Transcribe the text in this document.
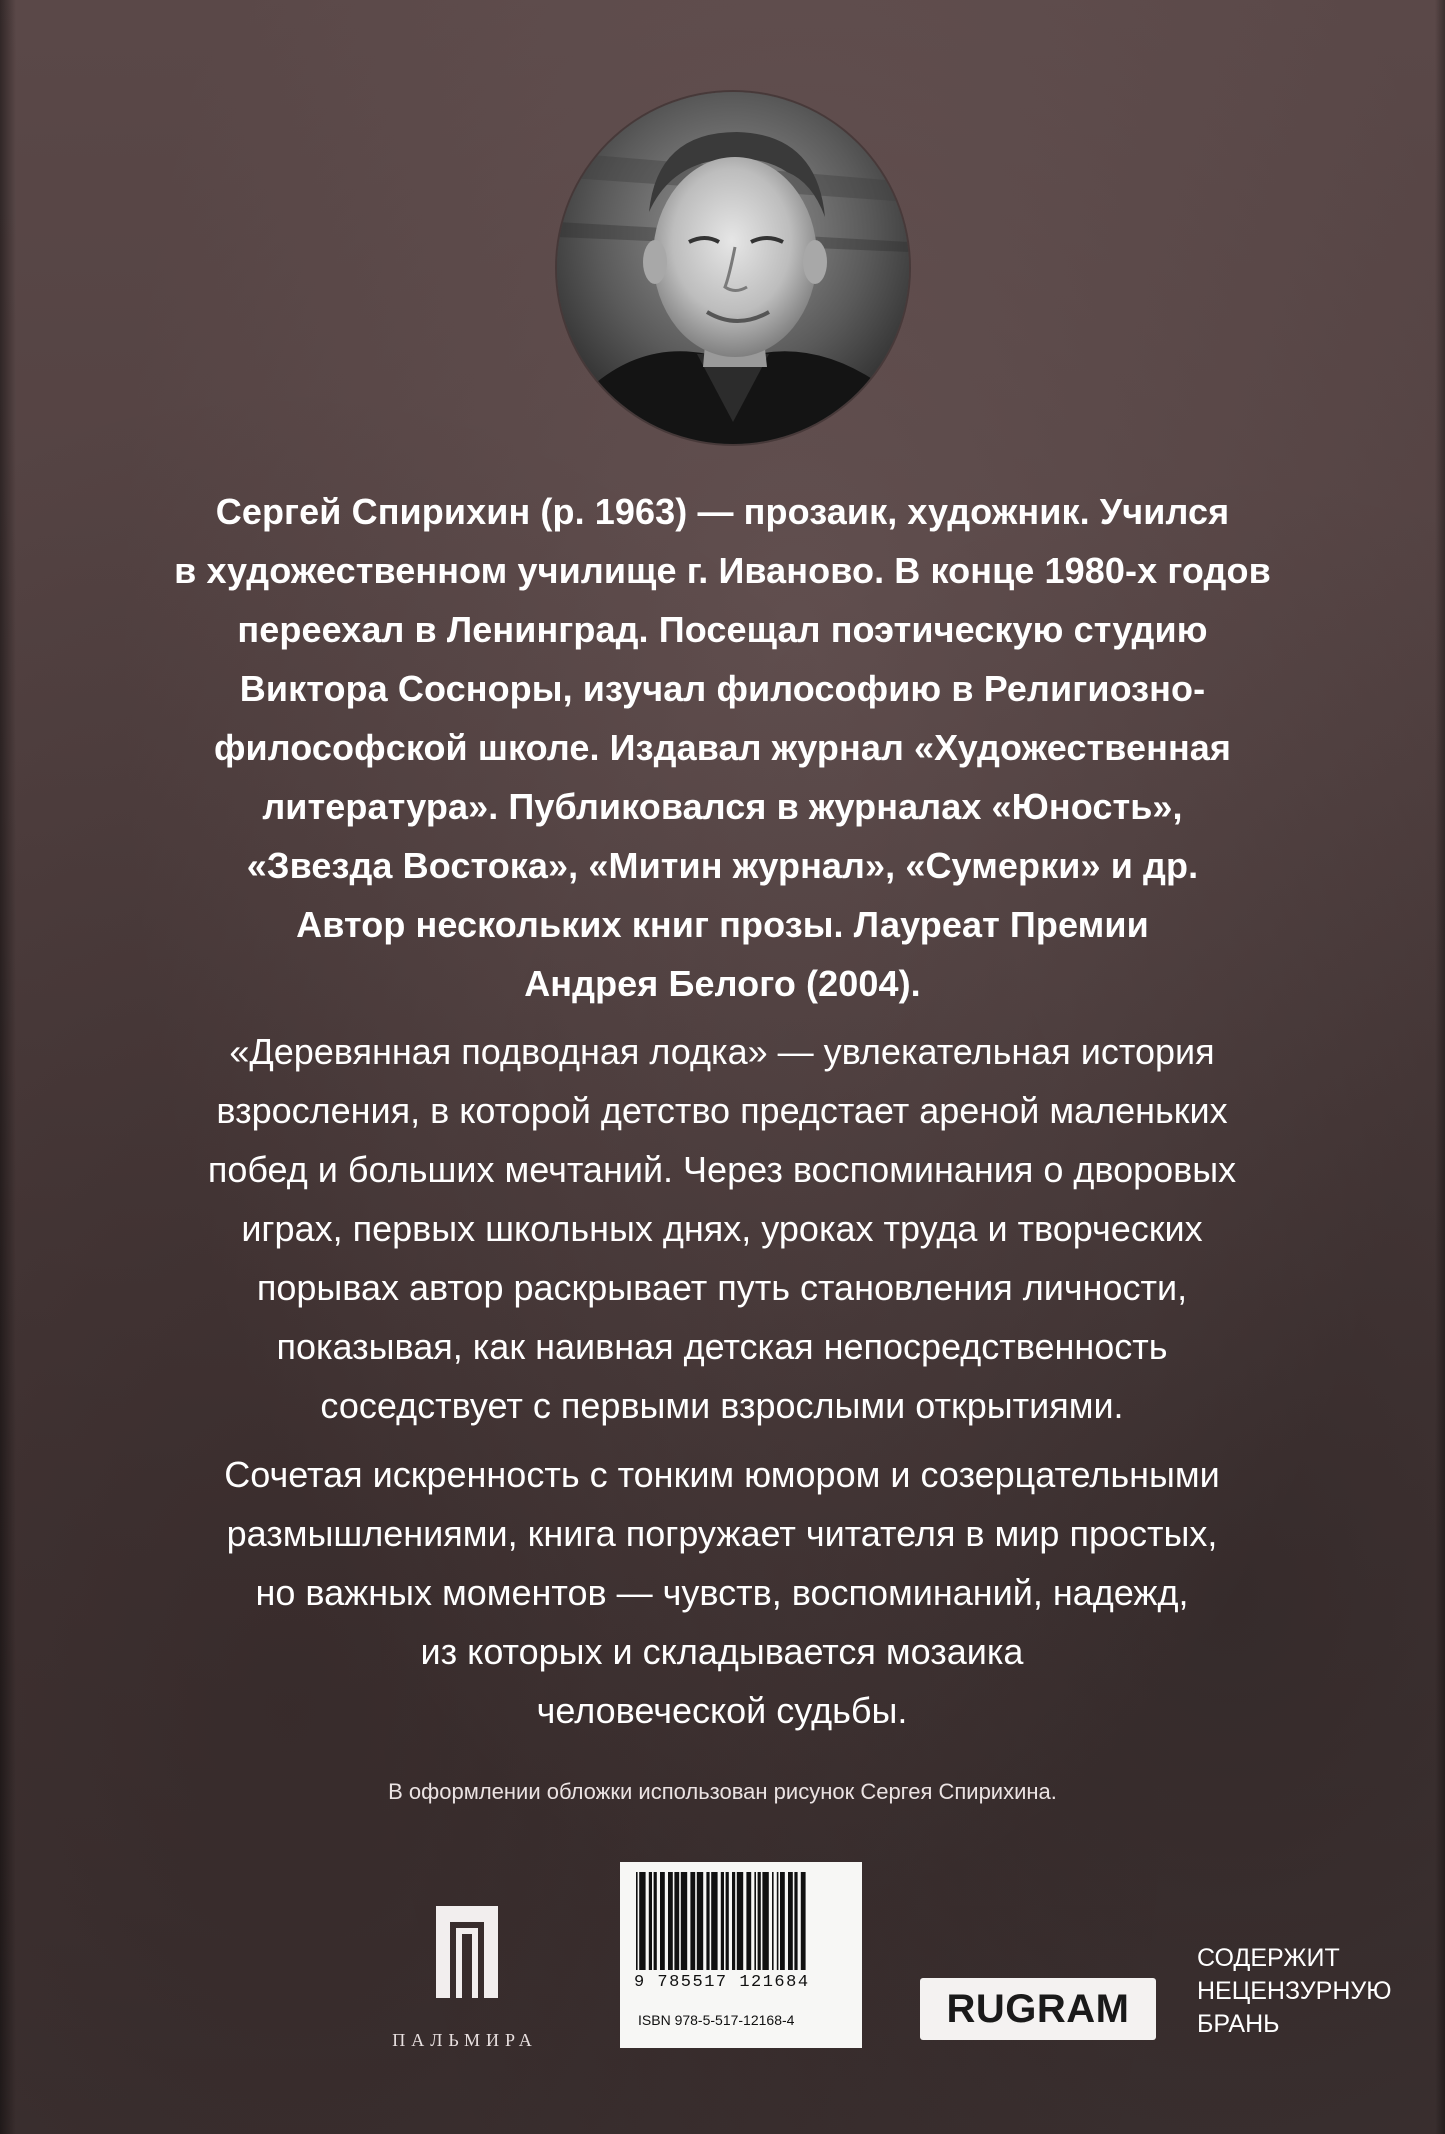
Сергей Спирихин (р. 1963) — прозаик, художник. Учился
в художественном училище г. Иваново. В конце 1980-х годов
переехал в Ленинград. Посещал поэтическую студию
Виктора Сосноры, изучал философию в Религиозно-
философской школе. Издавал журнал «Художественная
литература». Публиковался в журналах «Юность»,
«Звезда Востока», «Митин журнал», «Сумерки» и др.
Автор нескольких книг прозы. Лауреат Премии
Андрея Белого (2004).
«Деревянная подводная лодка» — увлекательная история
взросления, в которой детство предстает ареной маленьких
побед и больших мечтаний. Через воспоминания о дворовых
играх, первых школьных днях, уроках труда и творческих
порывах автор раскрывает путь становления личности,
показывая, как наивная детская непосредственность
соседствует с первыми взрослыми открытиями.
Сочетая искренность с тонким юмором и созерцательными
размышлениями, книга погружает читателя в мир простых,
но важных моментов — чувств, воспоминаний, надежд,
из которых и складывается мозаика
человеческой судьбы.
В оформлении обложки использован рисунок Сергея Спирихина.
ПАЛЬМИРА
9 785517 121684
ISBN 978-5-517-12168-4	RUGRAM
СОДЕРЖИТ
НЕЦЕНЗУРНУЮ
БРАНЬ
